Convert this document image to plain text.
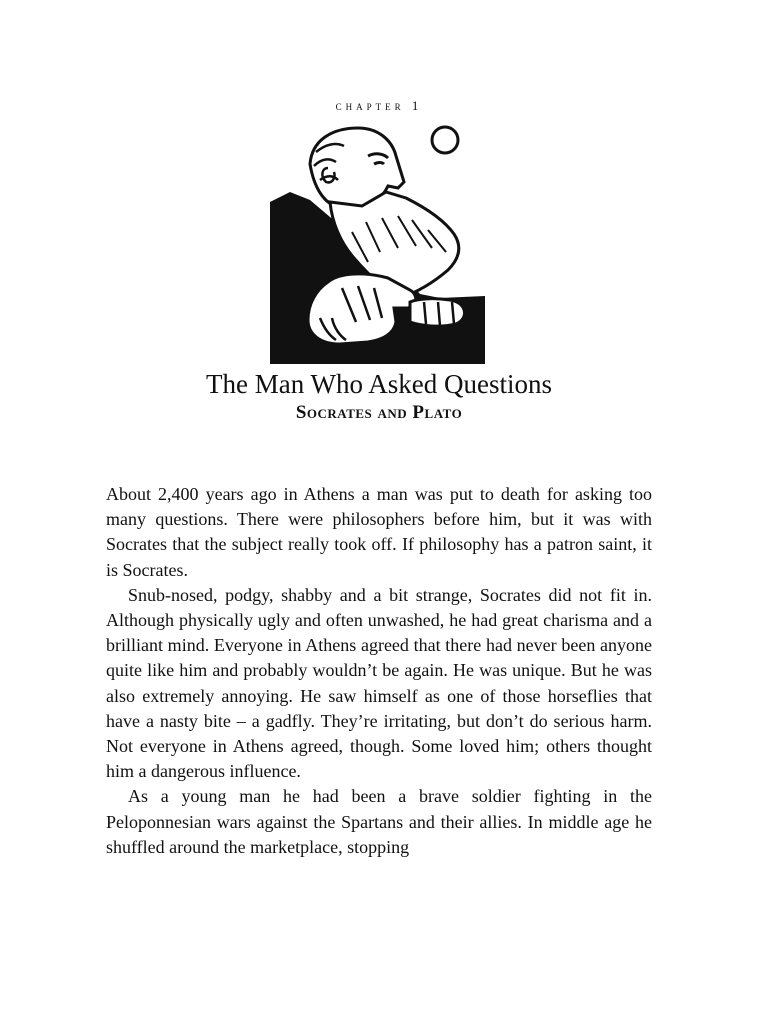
chapter 1
The Man Who Asked Questions
Socrates and Plato

About 2,400 years ago in Athens a man was put to death for asking too many questions. There were philosophers before him, but it was with Socrates that the subject really took off. If philosophy has a patron saint, it is Socrates.

Snub-nosed, podgy, shabby and a bit strange, Socrates did not fit in. Although physically ugly and often unwashed, he had great charisma and a brilliant mind. Everyone in Athens agreed that there had never been anyone quite like him and probably wouldn’t be again. He was unique. But he was also extremely annoying. He saw himself as one of those horseflies that have a nasty bite – a gadfly. They’re irritating, but don’t do serious harm. Not everyone in Athens agreed, though. Some loved him; others thought him a dangerous influence.

As a young man he had been a brave soldier fighting in the Peloponnesian wars against the Spartans and their allies. In middle age he shuffled around the marketplace, stopping
